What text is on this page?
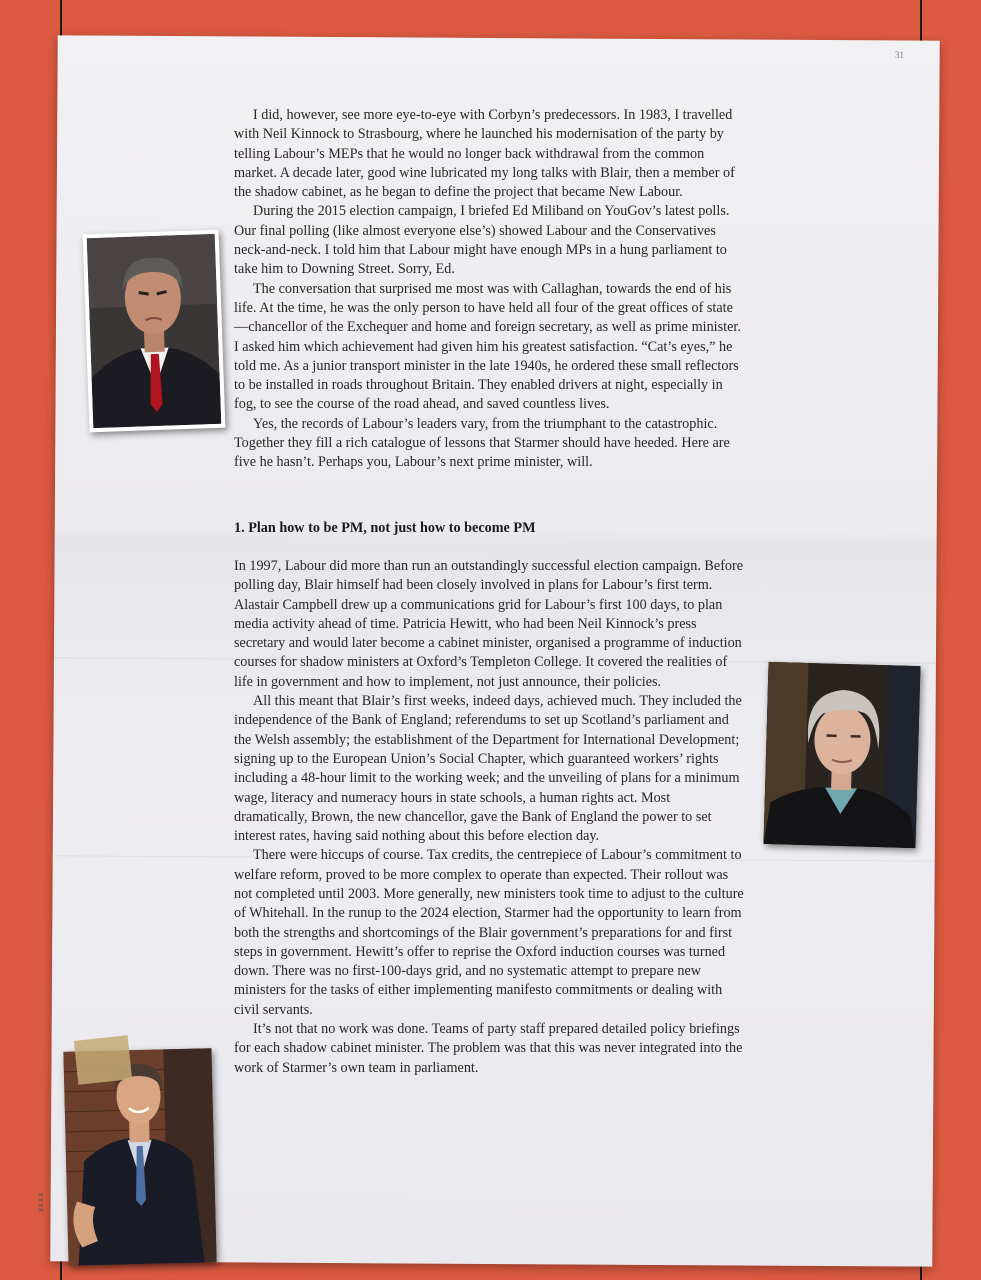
31
xxxx

I did, however, see more eye-to-eye with Corbyn’s predecessors. In 1983, I travelled with Neil Kinnock to Strasbourg, where he launched his modernisation of the party by telling Labour’s MEPs that he would no longer back withdrawal from the common market. A decade later, good wine lubricated my long talks with Blair, then a member of the shadow cabinet, as he began to define the project that became New Labour.

During the 2015 election campaign, I briefed Ed Miliband on YouGov’s latest polls. Our final polling (like almost everyone else’s) showed Labour and the Conservatives neck-and-neck. I told him that Labour might have enough MPs in a hung parliament to take him to Downing Street. Sorry, Ed.

The conversation that surprised me most was with Callaghan, towards the end of his life. At the time, he was the only person to have held all four of the great offices of state—chancellor of the Exchequer and home and foreign secretary, as well as prime minister. I asked him which achievement had given him his greatest satisfaction. “Cat’s eyes,” he told me. As a junior transport minister in the late 1940s, he ordered these small reflectors to be installed in roads throughout Britain. They enabled drivers at night, especially in fog, to see the course of the road ahead, and saved countless lives.

Yes, the records of Labour’s leaders vary, from the triumphant to the catastrophic. Together they fill a rich catalogue of lessons that Starmer should have heeded. Here are five he hasn’t. Perhaps you, Labour’s next prime minister, will.

1. Plan how to be PM, not just how to become PM

In 1997, Labour did more than run an outstandingly successful election campaign. Before polling day, Blair himself had been closely involved in plans for Labour’s first term. Alastair Campbell drew up a communications grid for Labour’s first 100 days, to plan media activity ahead of time. Patricia Hewitt, who had been Neil Kinnock’s press secretary and would later become a cabinet minister, organised a programme of induction courses for shadow ministers at Oxford’s Templeton College. It covered the realities of life in government and how to implement, not just announce, their policies.

All this meant that Blair’s first weeks, indeed days, achieved much. They included the independence of the Bank of England; referendums to set up Scotland’s parliament and the Welsh assembly; the establishment of the Department for International Development; signing up to the European Union’s Social Chapter, which guaranteed workers’ rights including a 48-hour limit to the working week; and the unveiling of plans for a minimum wage, literacy and numeracy hours in state schools, a human rights act. Most dramatically, Brown, the new chancellor, gave the Bank of England the power to set interest rates, having said nothing about this before election day.

There were hiccups of course. Tax credits, the centrepiece of Labour’s commitment to welfare reform, proved to be more complex to operate than expected. Their rollout was not completed until 2003. More generally, new ministers took time to adjust to the culture of Whitehall. In the runup to the 2024 election, Starmer had the opportunity to learn from both the strengths and shortcomings of the Blair government’s preparations for and first steps in government. Hewitt’s offer to reprise the Oxford induction courses was turned down. There was no first-100-days grid, and no systematic attempt to prepare new ministers for the tasks of either implementing manifesto commitments or dealing with civil servants.

It’s not that no work was done. Teams of party staff prepared detailed policy briefings for each shadow cabinet minister. The problem was that this was never integrated into the work of Starmer’s own team in parliament.
